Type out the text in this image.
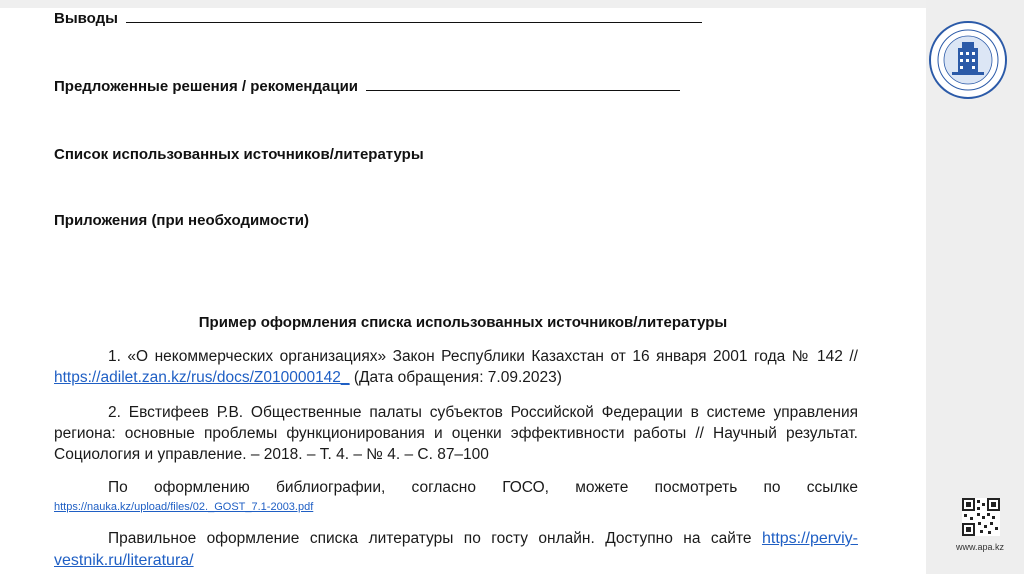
Выводы
Предложенные решения / рекомендации
Список использованных источников/литературы
Приложения (при необходимости)
Пример оформления списка использованных источников/литературы
1. «О некоммерческих организациях» Закон Республики Казахстан от 16 января 2001 года № 142 // https://adilet.zan.kz/rus/docs/Z010000142_ (Дата обращения: 7.09.2023)
2. Евстифеев Р.В. Общественные палаты субъектов Российской Федерации в системе управления региона: основные проблемы функционирования и оценки эффективности работы // Научный результат. Социология и управление. – 2018. – Т. 4. – № 4. – С. 87–100
По оформлению библиографии, согласно ГОСО, можете посмотреть по ссылке https://nauka.kz/upload/files/02._GOST_7.1-2003.pdf
Правильное оформление списка литературы по госту онлайн. Доступно на сайте https://perviy-vestnik.ru/literatura/
www.apa.kz
